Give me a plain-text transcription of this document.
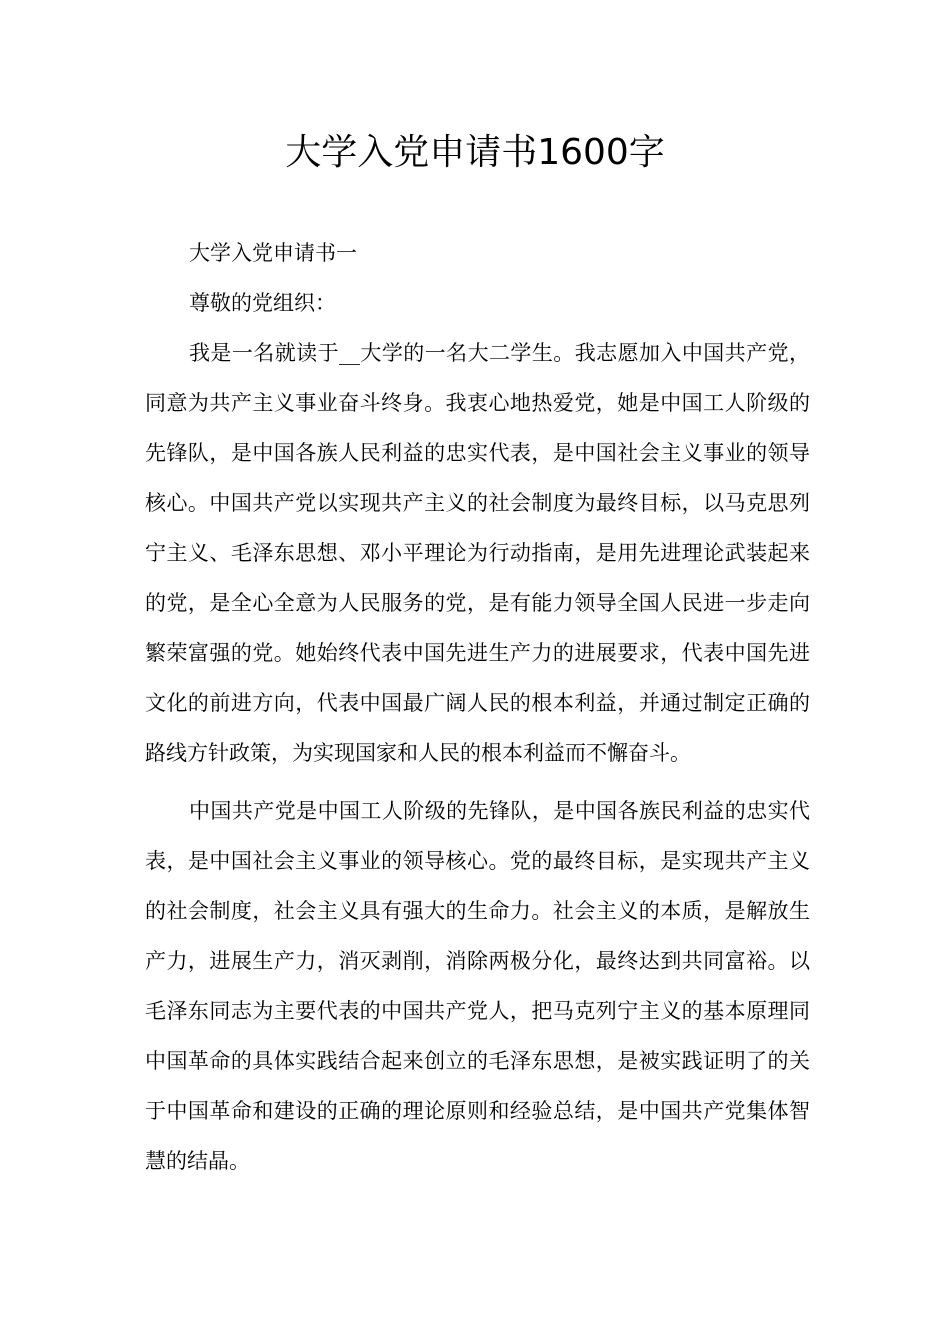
大学入党申请书1600字

大学入党申请书一

尊敬的党组织：

我是一名就读于__大学的一名大二学生。我志愿加入中国共产党，同意为共产主义事业奋斗终身。我衷心地热爱党，她是中国工人阶级的先锋队，是中国各族人民利益的忠实代表，是中国社会主义事业的领导核心。中国共产党以实现共产主义的社会制度为最终目标，以马克思列宁主义、毛泽东思想、邓小平理论为行动指南，是用先进理论武装起来的党，是全心全意为人民服务的党，是有能力领导全国人民进一步走向繁荣富强的党。她始终代表中国先进生产力的进展要求，代表中国先进文化的前进方向，代表中国最广阔人民的根本利益，并通过制定正确的路线方针政策，为实现国家和人民的根本利益而不懈奋斗。

中国共产党是中国工人阶级的先锋队，是中国各族民利益的忠实代表，是中国社会主义事业的领导核心。党的最终目标，是实现共产主义的社会制度，社会主义具有强大的生命力。社会主义的本质，是解放生产力，进展生产力，消灭剥削，消除两极分化，最终达到共同富裕。以毛泽东同志为主要代表的中国共产党人，把马克列宁主义的基本原理同中国革命的具体实践结合起来创立的毛泽东思想，是被实践证明了的关于中国革命和建设的正确的理论原则和经验总结，是中国共产党集体智慧的结晶。
